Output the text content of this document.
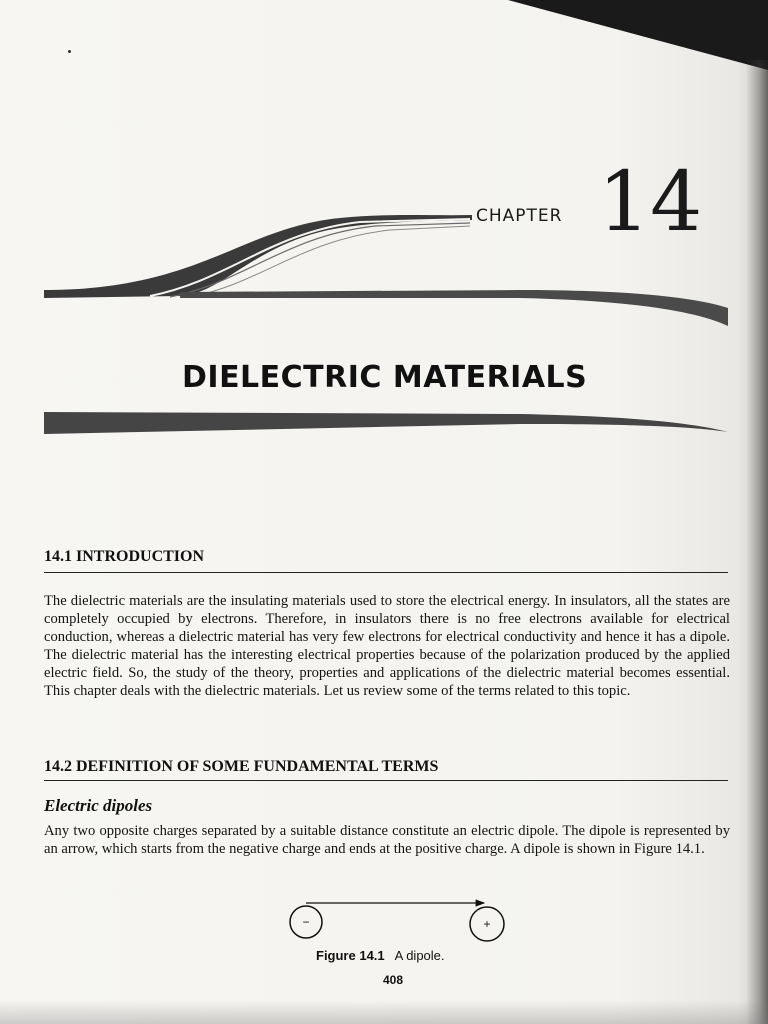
CHAPTER 14
DIELECTRIC MATERIALS
14.1 INTRODUCTION
The dielectric materials are the insulating materials used to store the electrical energy. In insulators, all the states are completely occupied by electrons. Therefore, in insulators there is no free electrons available for electrical conduction, whereas a dielectric material has very few electrons for electrical conductivity and hence it has a dipole. The dielectric material has the interesting electrical properties because of the polarization produced by the applied electric field. So, the study of the theory, properties and applications of the dielectric material becomes essential. This chapter deals with the dielectric materials. Let us review some of the terms related to this topic.
14.2 DEFINITION OF SOME FUNDAMENTAL TERMS
Electric dipoles
Any two opposite charges separated by a suitable distance constitute an electric dipole. The dipole is represented by an arrow, which starts from the negative charge and ends at the positive charge. A dipole is shown in Figure 14.1.
−	+
Figure 14.1 A dipole.
408
